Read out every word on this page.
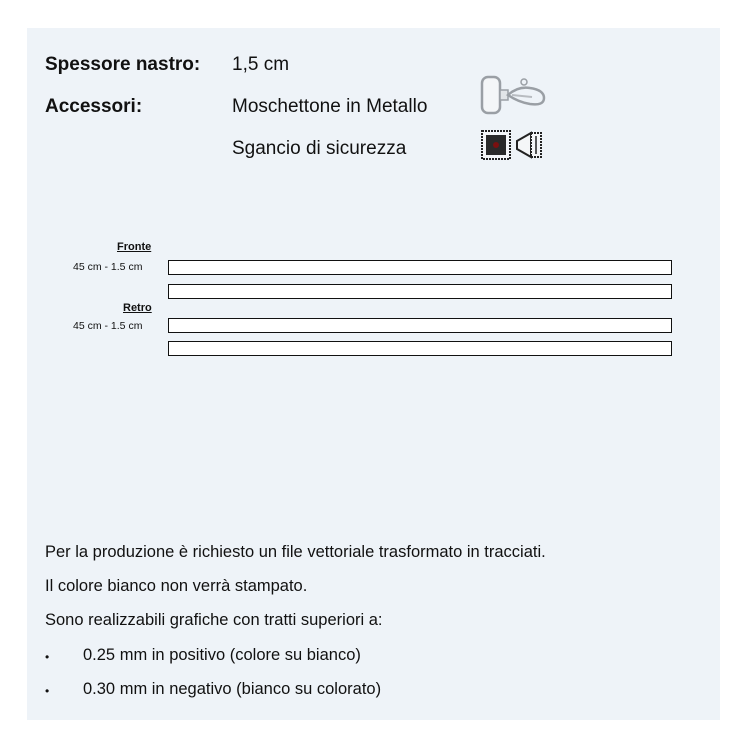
Spessore nastro: 1,5 cm
Accessori:	Moschettone in Metallo
Sgancio di sicurezza
Fronte
45 cm - 1.5 cm
Retro
45 cm - 1.5 cm
Per la produzione è richiesto un file vettoriale trasformato in tracciati.
Il colore bianco non verrà stampato.
Sono realizzabili grafiche con tratti superiori a:
• 0.25 mm in positivo (colore su bianco)
• 0.30 mm in negativo (bianco su colorato)
